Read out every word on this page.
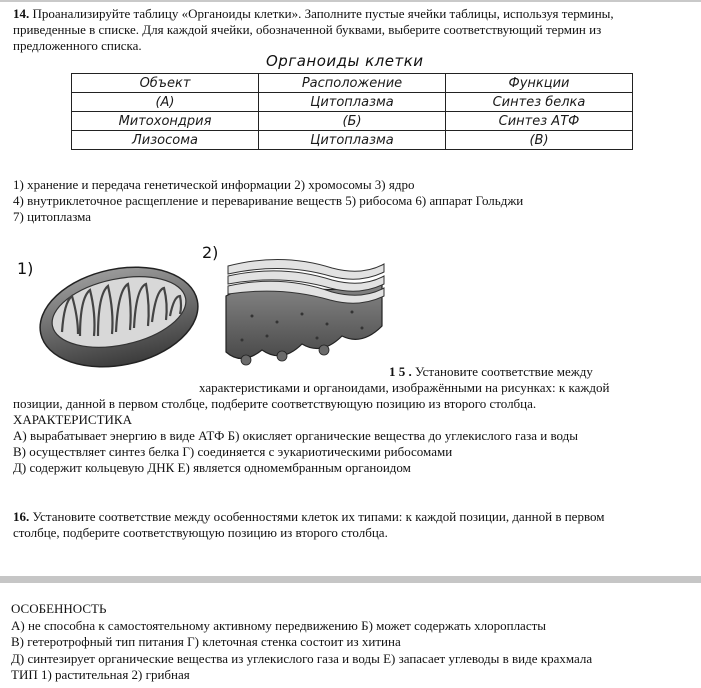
14. Проанализируйте таблицу «Органоиды клетки». Заполните пустые ячейки таблицы, используя термины,
приведенные в списке. Для каждой ячейки, обозначенной буквами, выберите соответствующий термин из
предложенного списка.
Органоиды клетки
Объект	Расположение	Функции
(А)	Цитоплазма	Синтез белка
Митохондрия	(Б)	Синтез АТФ
Лизосома	Цитоплазма	(В)
1) хранение и передача генетической информации 2) хромосомы 3) ядро
4) внутриклеточное расщепление и переваривание веществ 5) рибосома 6) аппарат Гольджи
7) цитоплазма
1)
2)
1 5 . Установите соответствие между
характеристиками и органоидами, изображёнными на рисунках: к каждой
позиции, данной в первом столбце, подберите соответствующую позицию из второго столбца.
ХАРАКТЕРИСТИКА
А) вырабатывает энергию в виде АТФ Б) окисляет органические вещества до углекислого газа и воды
В) осуществляет синтез белка Г) соединяется с эукариотическими рибосомами
Д) содержит кольцевую ДНК Е) является одномембранным органоидом
16. Установите соответствие между особенностями клеток их типами: к каждой позиции, данной в первом
столбце, подберите соответствующую позицию из второго столбца.
ОСОБЕННОСТЬ
А) не способна к самостоятельному активному передвижению Б) может содержать хлоропласты
В) гетеротрофный тип питания Г) клеточная стенка состоит из хитина
Д) синтезирует органические вещества из углекислого газа и воды Е) запасает углеводы в виде крахмала
ТИП 1) растительная 2) грибная
